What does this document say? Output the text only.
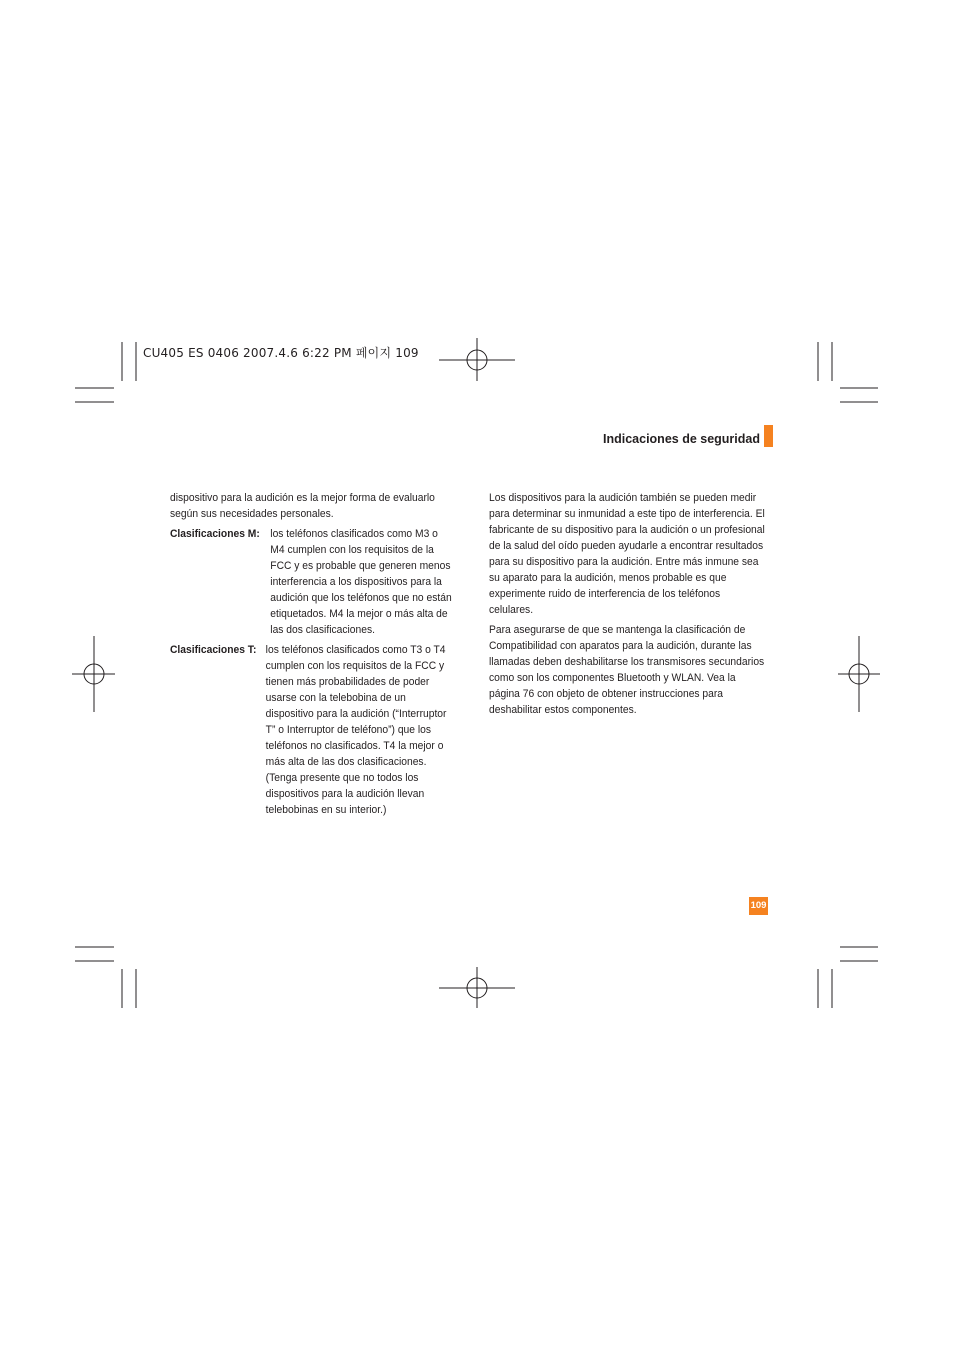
CU405 ES 0406 2007.4.6 6:22 PM 페이지 109
Indicaciones de seguridad

dispositivo para la audición es la mejor forma de evaluarlo según sus necesidades personales.

Clasificaciones M: los teléfonos clasificados como M3 o M4 cumplen con los requisitos de la FCC y es probable que generen menos interferencia a los dispositivos para la audición que los teléfonos que no están etiquetados. M4 la mejor o más alta de las dos clasificaciones.

Clasificaciones T: los teléfonos clasificados como T3 o T4 cumplen con los requisitos de la FCC y tienen más probabilidades de poder usarse con la telebobina de un dispositivo para la audición (“Interruptor T” o Interruptor de teléfono”) que los teléfonos no clasificados. T4 la mejor o más alta de las dos clasificaciones. (Tenga presente que no todos los dispositivos para la audición llevan telebobinas en su interior.)

Los dispositivos para la audición también se pueden medir para determinar su inmunidad a este tipo de interferencia. El fabricante de su dispositivo para la audición o un profesional de la salud del oído pueden ayudarle a encontrar resultados para su dispositivo para la audición. Entre más inmune sea su aparato para la audición, menos probable es que experimente ruido de interferencia de los teléfonos celulares.

Para asegurarse de que se mantenga la clasificación de Compatibilidad con aparatos para la audición, durante las llamadas deben deshabilitarse los transmisores secundarios como son los componentes Bluetooth y WLAN. Vea la página 76 con objeto de obtener instrucciones para deshabilitar estos componentes.

109
